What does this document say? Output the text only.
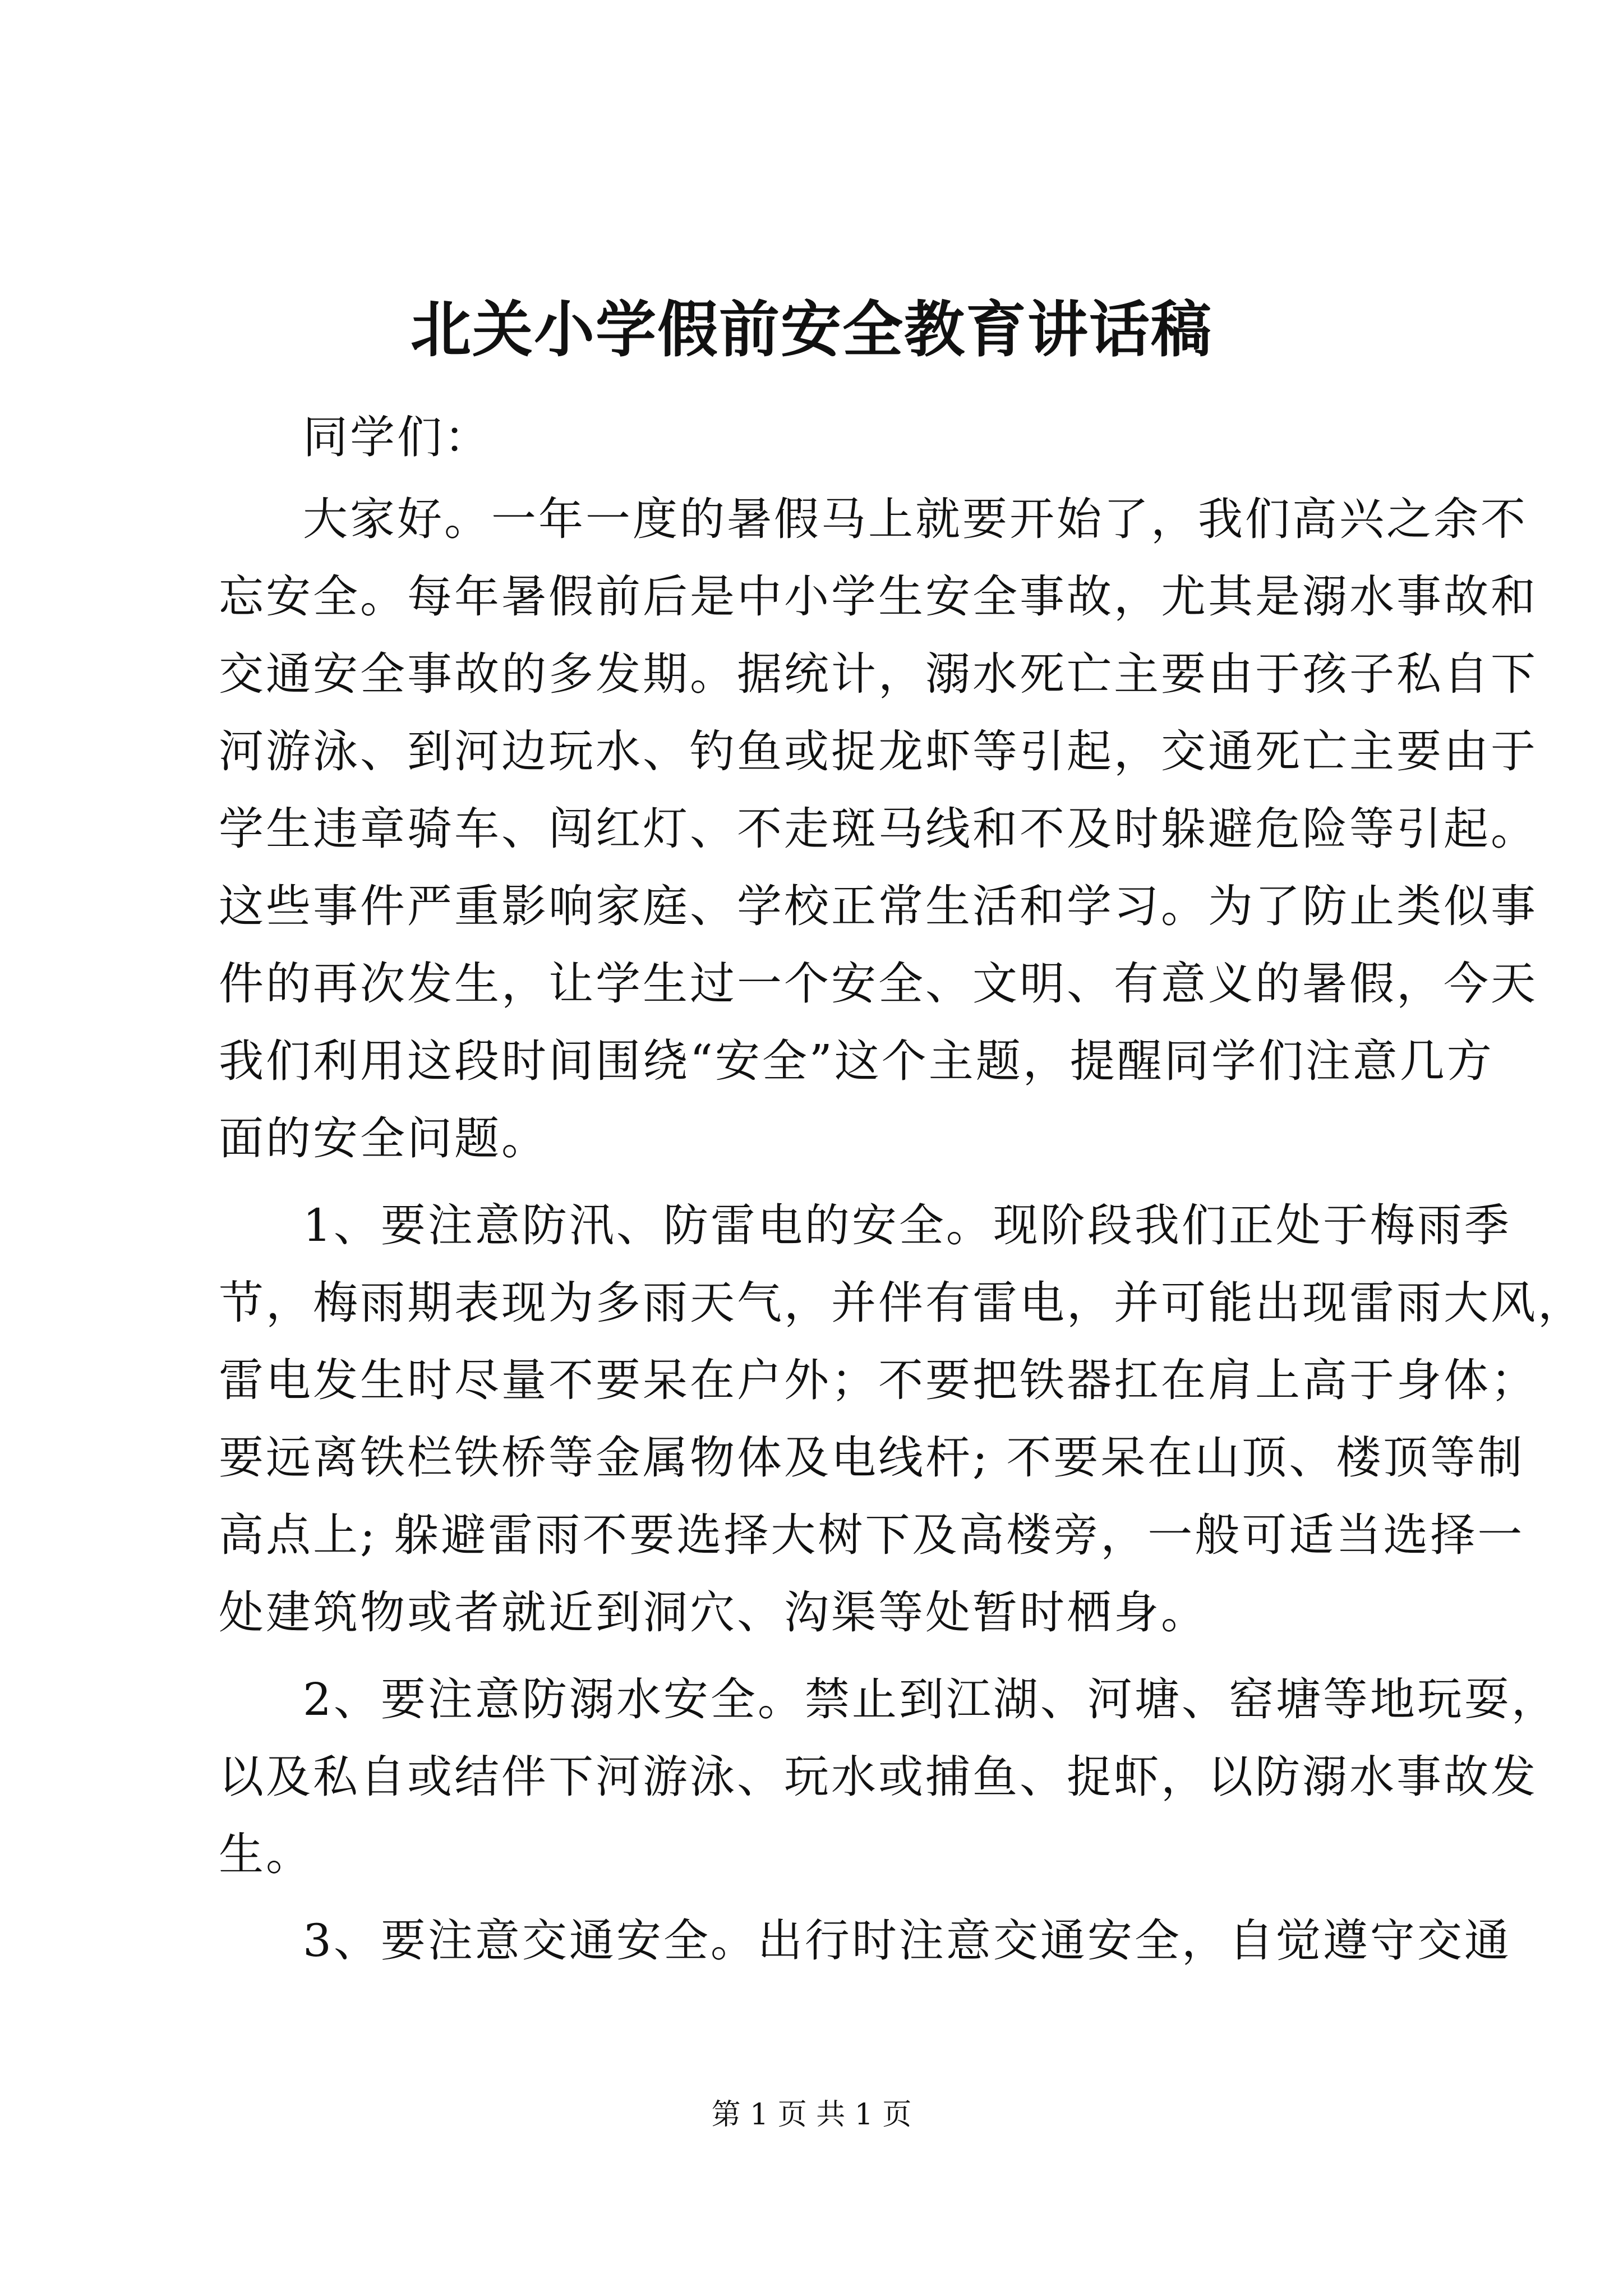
北关小学假前安全教育讲话稿
同学们：
大家好。一年一度的暑假马上就要开始了，我们高兴之余不
忘安全。每年暑假前后是中小学生安全事故，尤其是溺水事故和
交通安全事故的多发期。据统计，溺水死亡主要由于孩子私自下
河游泳、到河边玩水、钓鱼或捉龙虾等引起，交通死亡主要由于
学生违章骑车、闯红灯、不走斑马线和不及时躲避危险等引起。
这些事件严重影响家庭、学校正常生活和学习。为了防止类似事
件的再次发生，让学生过一个安全、文明、有意义的暑假，今天
我们利用这段时间围绕“安全”这个主题，提醒同学们注意几方
面的安全问题。
1、要注意防汛、防雷电的安全。现阶段我们正处于梅雨季
节，梅雨期表现为多雨天气，并伴有雷电，并可能出现雷雨大风，
雷电发生时尽量不要呆在户外；不要把铁器扛在肩上高于身体；
要远离铁栏铁桥等金属物体及电线杆; 不要呆在山顶、楼顶等制
高点上; 躲避雷雨不要选择大树下及高楼旁，一般可适当选择一
处建筑物或者就近到洞穴、沟渠等处暂时栖身。
2、要注意防溺水安全。禁止到江湖、河塘、窑塘等地玩耍，
以及私自或结伴下河游泳、玩水或捕鱼、捉虾，以防溺水事故发
生。
3、要注意交通安全。出行时注意交通安全，自觉遵守交通
第 1 页 共 1 页
